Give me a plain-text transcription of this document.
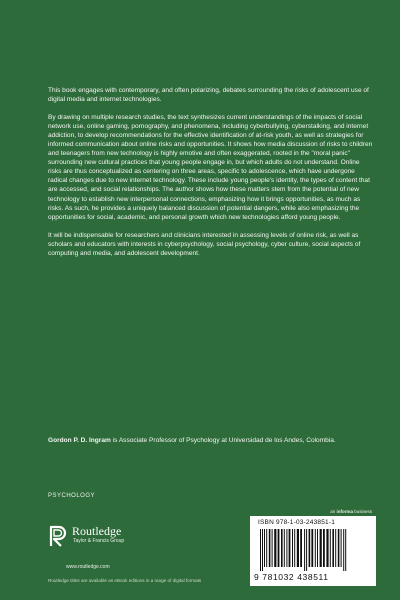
This book engages with contemporary, and often polarizing, debates surrounding the risks of adolescent use of digital media and internet technologies.

By drawing on multiple research studies, the text synthesizes current understandings of the impacts of social network use, online gaming, pornography, and phenomena, including cyberbullying, cyberstalking, and internet addiction, to develop recommendations for the effective identification of at-risk youth, as well as strategies for informed communication about online risks and opportunities. It shows how media discussion of risks to children and teenagers from new technology is highly emotive and often exaggerated, rooted in the "moral panic" surrounding new cultural practices that young people engage in, but which adults do not understand. Online risks are thus conceptualized as centering on three areas, specific to adolescence, which have undergone radical changes due to new internet technology. These include young people's identity, the types of content that are accessed, and social relationships. The author shows how these matters stem from the potential of new technology to establish new interpersonal connections, emphasizing how it brings opportunities, as much as risks. As such, he provides a uniquely balanced discussion of potential dangers, while also emphasizing the opportunities for social, academic, and personal growth which new technologies afford young people.

It will be indispensable for researchers and clinicians interested in assessing levels of online risk, as well as scholars and educators with interests in cyberpsychology, social psychology, cyber culture, social aspects of computing and media, and adolescent development.

Gordon P. D. Ingram is Associate Professor of Psychology at Universidad de los Andes, Colombia.
PSYCHOLOGY
Routledge
Taylor & Francis Group
an informa business
ISBN 978-1-03-243851-1
9 781032 438511
www.routledge.com
Routledge titles are available as eBook editions in a range of digital formats
